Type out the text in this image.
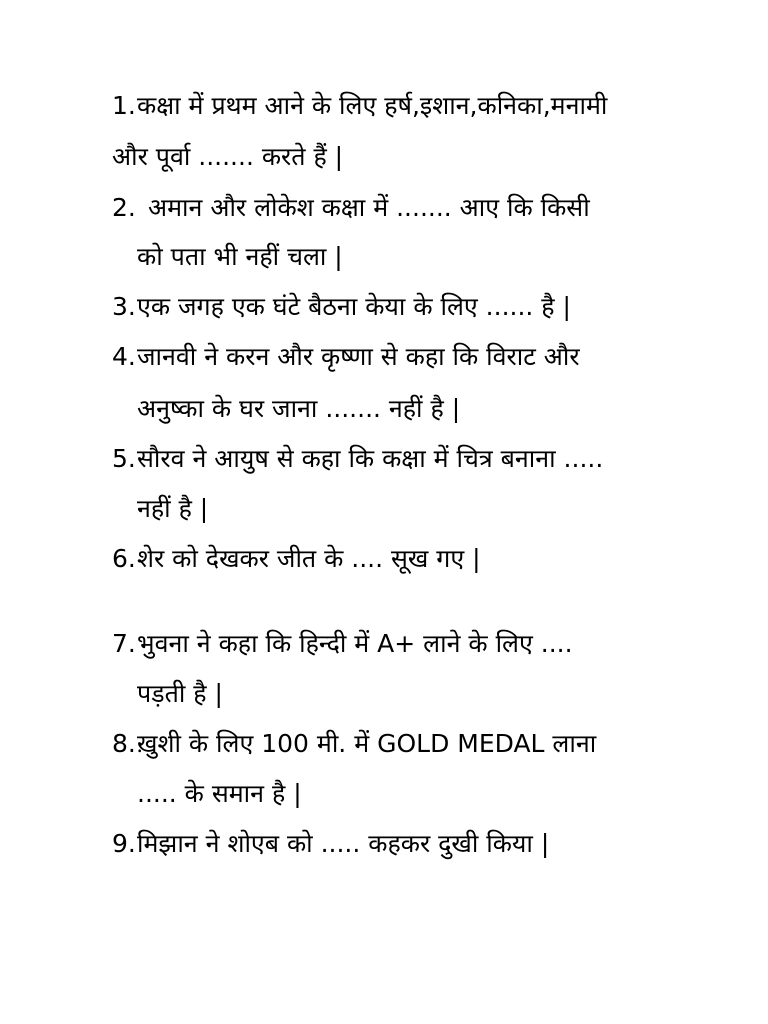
1. कक्षा में प्रथम आने के लिए हर्ष,इशान,कनिका,मनामी
और पूर्वा ....... करते हैं |
2. अमान और लोकेश कक्षा में ....... आए कि किसी
को पता भी नहीं चला |
3. एक जगह एक घंटे बैठना केया के लिए ...... है |
4. जानवी ने करन और कृष्णा से कहा कि विराट और
अनुष्का के घर जाना ....... नहीं है |
5. सौरव ने आयुष से कहा कि कक्षा में चित्र बनाना .....
नहीं है |
6. शेर को देखकर जीत के .... सूख गए |
7. भुवना ने कहा कि हिन्दी में A+ लाने के लिए ....
पड़ती है |
8. ख़ुशी के लिए 100 मी. में GOLD MEDAL लाना
..... के समान है |
9. मिझान ने शोएब को ..... कहकर दुखी किया |
